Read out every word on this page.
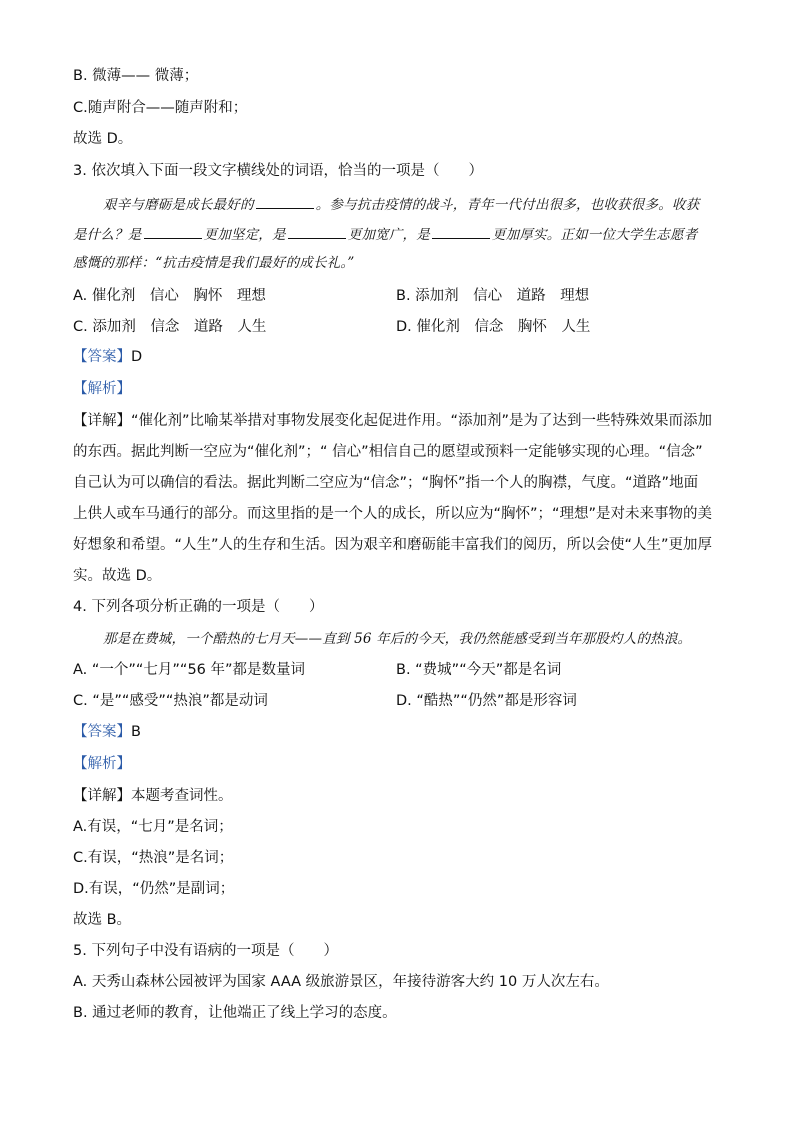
B. 微薄—— 微薄；
C.随声附合——随声附和；
故选 D。
3. 依次填入下面一段文字横线处的词语，恰当的一项是（　　）
艰辛与磨砺是成长最好的	。参与抗击疫情的战斗，青年一代付出很多，也收获很多。收获
是什么？是	更加坚定，是	更加宽广，是	更加厚实。正如一位大学生志愿者
感慨的那样：“抗击疫情是我们最好的成长礼。”
A. 催化剂　信心　胸怀　理想	B. 添加剂　信心　道路　理想
C. 添加剂　信念　道路　人生	D. 催化剂　信念　胸怀　人生
【答案】D
【解析】
【详解】“催化剂”比喻某举措对事物发展变化起促进作用。“添加剂”是为了达到一些特殊效果而添加
的东西。据此判断一空应为“催化剂”；“ 信心”相信自己的愿望或预料一定能够实现的心理。“信念”
自己认为可以确信的看法。据此判断二空应为“信念”；“胸怀”指一个人的胸襟，气度。“道路”地面
上供人或车马通行的部分。而这里指的是一个人的成长，所以应为“胸怀”；“理想”是对未来事物的美
好想象和希望。“人生”人的生存和生活。因为艰辛和磨砺能丰富我们的阅历，所以会使“人生”更加厚
实。故选 D。
4. 下列各项分析正确的一项是（　　）
那是在费城，一个酷热的七月天——直到 56 年后的今天，我仍然能感受到当年那股灼人的热浪。
A. “一个”“七月”“56 年”都是数量词	B. “费城”“今天”都是名词
C. “是”“感受”“热浪”都是动词	D. “酷热”“仍然”都是形容词
【答案】B
【解析】
【详解】本题考查词性。
A.有误，“七月”是名词；
C.有误，“热浪”是名词；
D.有误，“仍然”是副词；
故选 B。
5. 下列句子中没有语病的一项是（　　）
A. 天秀山森林公园被评为国家 AAA 级旅游景区，年接待游客大约 10 万人次左右。
B. 通过老师的教育，让他端正了线上学习的态度。
